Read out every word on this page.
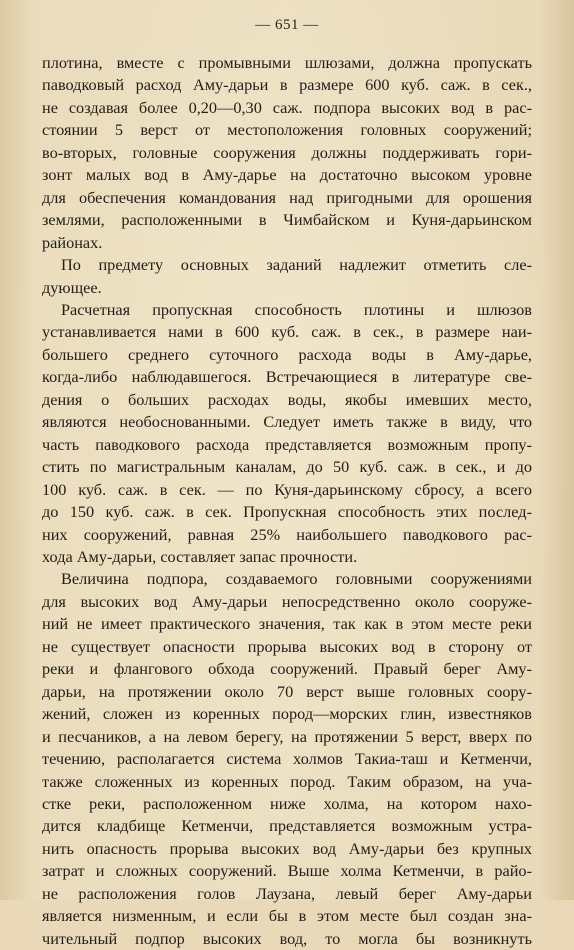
— 651 —
плотина, вместе с промывными шлюзами, должна пропускать
паводковый расход Аму-дарьи в размере 600 куб. саж. в сек.,
не создавая более 0,20—0,30 саж. подпора высоких вод в рас-
стоянии 5 верст от местоположения головных сооружений;
во-вторых, головные сооружения должны поддерживать гори-
зонт малых вод в Аму-дарье на достаточно высоком уровне
для обеспечения командования над пригодными для орошения
землями, расположенными в Чимбайском и Куня-дарьинском
районах.
По предмету основных заданий надлежит отметить сле-
дующее.
Расчетная пропускная способность плотины и шлюзов
устанавливается нами в 600 куб. саж. в сек., в размере наи-
большего среднего суточного расхода воды в Аму-дарье,
когда-либо наблюдавшегося. Встречающиеся в литературе све-
дения о больших расходах воды, якобы имевших место,
являются необоснованными. Следует иметь также в виду, что
часть паводкового расхода представляется возможным пропу-
стить по магистральным каналам, до 50 куб. саж. в сек., и до
100 куб. саж. в сек. — по Куня-дарьинскому сбросу, а всего
до 150 куб. саж. в сек. Пропускная способность этих послед-
них сооружений, равная 25% наибольшего паводкового рас-
хода Аму-дарьи, составляет запас прочности.
Величина подпора, создаваемого головными сооружениями
для высоких вод Аму-дарьи непосредственно около сооруже-
ний не имеет практического значения, так как в этом месте реки
не существует опасности прорыва высоких вод в сторону от
реки и флангового обхода сооружений. Правый берег Аму-
дарьи, на протяжении около 70 верст выше головных соору-
жений, сложен из коренных пород—морских глин, известняков
и песчаников, а на левом берегу, на протяжении 5 верст, вверх по
течению, располагается система холмов Такиа-таш и Кетменчи,
также сложенных из коренных пород. Таким образом, на уча-
стке реки, расположенном ниже холма, на котором нахо-
дится кладбище Кетменчи, представляется возможным устра-
нить опасность прорыва высоких вод Аму-дарьи без крупных
затрат и сложных сооружений. Выше холма Кетменчи, в райо-
не расположения голов Лаузана, левый берег Аму-дарьи
является низменным, и если бы в этом месте был создан зна-
чительный подпор высоких вод, то могла бы возникнуть
